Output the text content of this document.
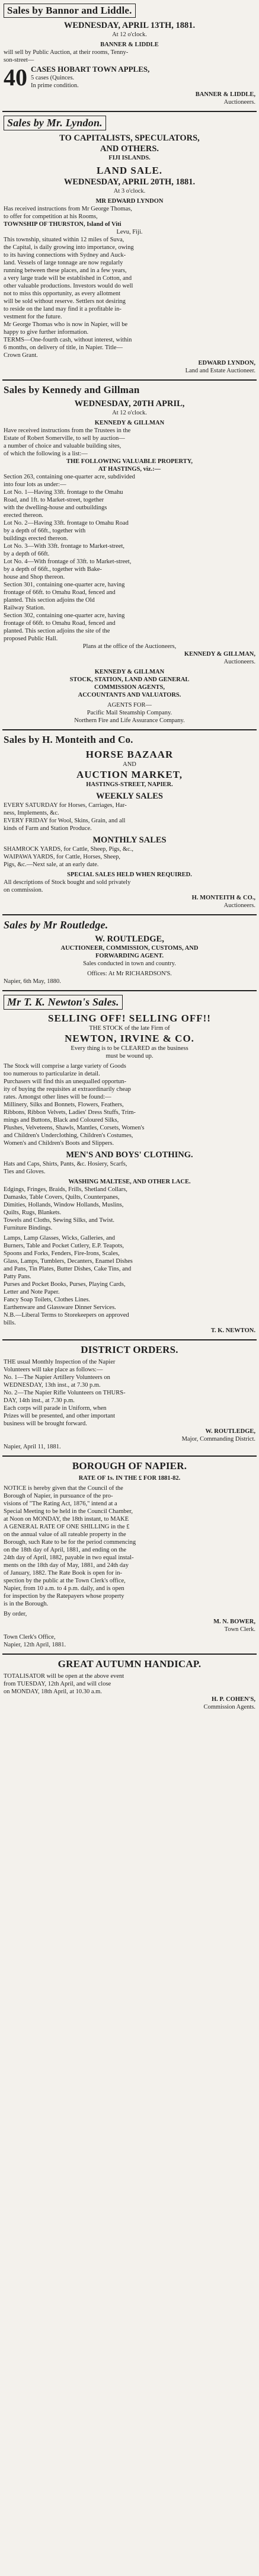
Sales by Bannor and Liddle.

WEDNESDAY, APRIL 13TH, 1881.

At 12 o'clock.

BANNER & LIDDLE

will sell by Public Auction, at their rooms, Tenny-

son-street—

40 CASES HOBART TOWN APPLES,
5 cases (Quinces.
In prime condition.

BANNER & LIDDLE,

Auctioneers.

Sales by Mr. Lyndon.

TO CAPITALISTS, SPECULATORS,

AND OTHERS.

FIJI ISLANDS.

LAND SALE.

WEDNESDAY, APRIL 20TH, 1881.

At 3 o'clock.

MR EDWARD LYNDON

Has received instructions from Mr George Thomas,

to offer for competition at his Rooms,

TOWNSHIP OF THURSTON, Island of Viti

Levu, Fiji.

This township, situated within 12 miles of Suva,

the Capital, is daily growing into importance, owing

to its having connections with Sydney and Auck-

land. Vessels of large tonnage are now regularly

running between these places, and in a few years,

a very large trade will be established in Cotton, and

other valuable productions. Investors would do well

not to miss this opportunity, as every allotment

will be sold without reserve. Settlers not desiring

to reside on the land may find it a profitable in-

vestment for the future.

Mr George Thomas who is now in Napier, will be

happy to give further information.

TERMS—One-fourth cash, without interest, within

6 months, on delivery of title, in Napier. Title—

Crown Grant.

EDWARD LYNDON,

Land and Estate Auctioneer.

Sales by Kennedy and Gillman

WEDNESDAY, 20TH APRIL,

At 12 o'clock.

KENNEDY & GILLMAN

Have received instructions from the Trustees in the

Estate of Robert Somerville, to sell by auction—

a number of choice and valuable building sites,

of which the following is a list:—

THE FOLLOWING VALUABLE PROPERTY,

AT HASTINGS, viz.:—

Section 263, containing one-quarter acre, subdivided

into four lots as under:—

Lot No. 1—Having 33ft. frontage to the Omahu

Road, and 1ft. to Market-street, together

with the dwelling-house and outbuildings

erected thereon.

Lot No. 2—Having 33ft. frontage to Omahu Road

by a depth of 66ft., together with

buildings erected thereon.

Lot No. 3—With 33ft. frontage to Market-street,

by a depth of 66ft.

Lot No. 4—With frontage of 33ft. to Market-street,

by a depth of 66ft., together with Bake-

house and Shop thereon.

Section 301, containing one-quarter acre, having

frontage of 66ft. to Omahu Road, fenced and

planted. This section adjoins the Old

Railway Station.

Section 302, containing one-quarter acre, having

frontage of 66ft. to Omahu Road, fenced and

planted. This section adjoins the site of the

proposed Public Hall.

Plans at the office of the Auctioneers,

KENNEDY & GILLMAN,

Auctioneers.

KENNEDY & GILLMAN

STOCK, STATION, LAND AND GENERAL

COMMISSION AGENTS,

ACCOUNTANTS AND VALUATORS.

AGENTS FOR—

Pacific Mail Steamship Company.

Northern Fire and Life Assurance Company.

Sales by H. Monteith and Co.

HORSE BAZAAR

AND

AUCTION MARKET,

HASTINGS-STREET, NAPIER.

WEEKLY SALES

EVERY SATURDAY for Horses, Carriages, Har-

ness, Implements, &c.

EVERY FRIDAY for Wool, Skins, Grain, and all

kinds of Farm and Station Produce.

MONTHLY SALES

SHAMROCK YARDS, for Cattle, Sheep, Pigs, &c.,

WAIPAWA YARDS, for Cattle, Horses, Sheep,

Pigs, &c.—Next sale, at an early date.

SPECIAL SALES HELD WHEN REQUIRED.

All descriptions of Stock bought and sold privately

on commission.

H. MONTEITH & CO.,

Auctioneers.

Sales by Mr Routledge.

W. ROUTLEDGE,

AUCTIONEER, COMMISSION, CUSTOMS, AND

FORWARDING AGENT.

Sales conducted in town and country.

Offices: At Mr RICHARDSON'S.

Napier, 6th May, 1880.

Mr T. K. Newton's Sales.

SELLING OFF! SELLING OFF!!

THE STOCK of the late Firm of

NEWTON, IRVINE & CO.

Every thing is to be CLEARED as the business

must be wound up.

The Stock will comprise a large variety of Goods

too numerous to particularize in detail.

Purchasers will find this an unequalled opportun-

ity of buying the requisites at extraordinarily cheap

rates. Amongst other lines will be found:—

Millinery, Silks and Bonnets, Flowers, Feathers,

Ribbons, Ribbon Velvets, Ladies' Dress Stuffs, Trim-

mings and Buttons, Black and Coloured Silks,

Plushes, Velveteens, Shawls, Mantles, Corsets, Women's

and Children's Underclothing, Children's Costumes,

Women's and Children's Boots and Slippers.

MEN'S AND BOYS' CLOTHING.

Hats and Caps, Shirts, Pants, &c. Hosiery, Scarfs,

Ties and Gloves.

WASHING MALTESE, AND OTHER LACE.

Edgings, Fringes, Braids, Frills, Shetland Collars,

Damasks, Table Covers, Quilts, Counterpanes,

Dimities, Hollands, Window Hollands, Muslins,

Quilts, Rugs, Blankets.

Towels and Cloths, Sewing Silks, and Twist.

Furniture Bindings.

Lamps, Lamp Glasses, Wicks, Galleries, and

Burners, Table and Pocket Cutlery, E.P. Teapots,

Spoons and Forks, Fenders, Fire-Irons, Scales,

Glass, Lamps, Tumblers, Decanters, Enamel Dishes

and Pans, Tin Plates, Butter Dishes, Cake Tins, and

Patty Pans.

Purses and Pocket Books, Purses, Playing Cards,

Letter and Note Paper.

Fancy Soap Toilets, Clothes Lines.

Earthenware and Glassware Dinner Services.

N.B.—Liberal Terms to Storekeepers on approved

bills.

T. K. NEWTON.

DISTRICT ORDERS.

THE usual Monthly Inspection of the Napier

Volunteers will take place as follows:—

No. 1—The Napier Artillery Volunteers on

WEDNESDAY, 13th inst., at 7.30 p.m.

No. 2—The Napier Rifle Volunteers on THURS-

DAY, 14th inst., at 7.30 p.m.

Each corps will parade in Uniform, when

Prizes will be presented, and other important

business will be brought forward.

W. ROUTLEDGE,

Major, Commanding District.

Napier, April 11, 1881.

BOROUGH OF NAPIER.

RATE OF 1s. IN THE £ FOR 1881-82.

NOTICE is hereby given that the Council of the

Borough of Napier, in pursuance of the pro-

visions of "The Rating Act, 1876," intend at a

Special Meeting to be held in the Council Chamber,

at Noon on MONDAY, the 18th instant, to MAKE

A GENERAL RATE OF ONE SHILLING in the £

on the annual value of all rateable property in the

Borough, such Rate to be for the period commencing

on the 18th day of April, 1881, and ending on the

24th day of April, 1882, payable in two equal instal-

ments on the 18th day of May, 1881, and 24th day

of January, 1882. The Rate Book is open for in-

spection by the public at the Town Clerk's office,

Napier, from 10 a.m. to 4 p.m. daily, and is open

for inspection by the Ratepayers whose property

is in the Borough.

By order,

M. N. BOWER,

Town Clerk.

Town Clerk's Office,

Napier, 12th April, 1881.

GREAT AUTUMN HANDICAP.

TOTALISATOR will be open at the above event

from TUESDAY, 12th April, and will close

on MONDAY, 18th April, at 10.30 a.m.

H. P. COHEN'S,

Commission Agents.
